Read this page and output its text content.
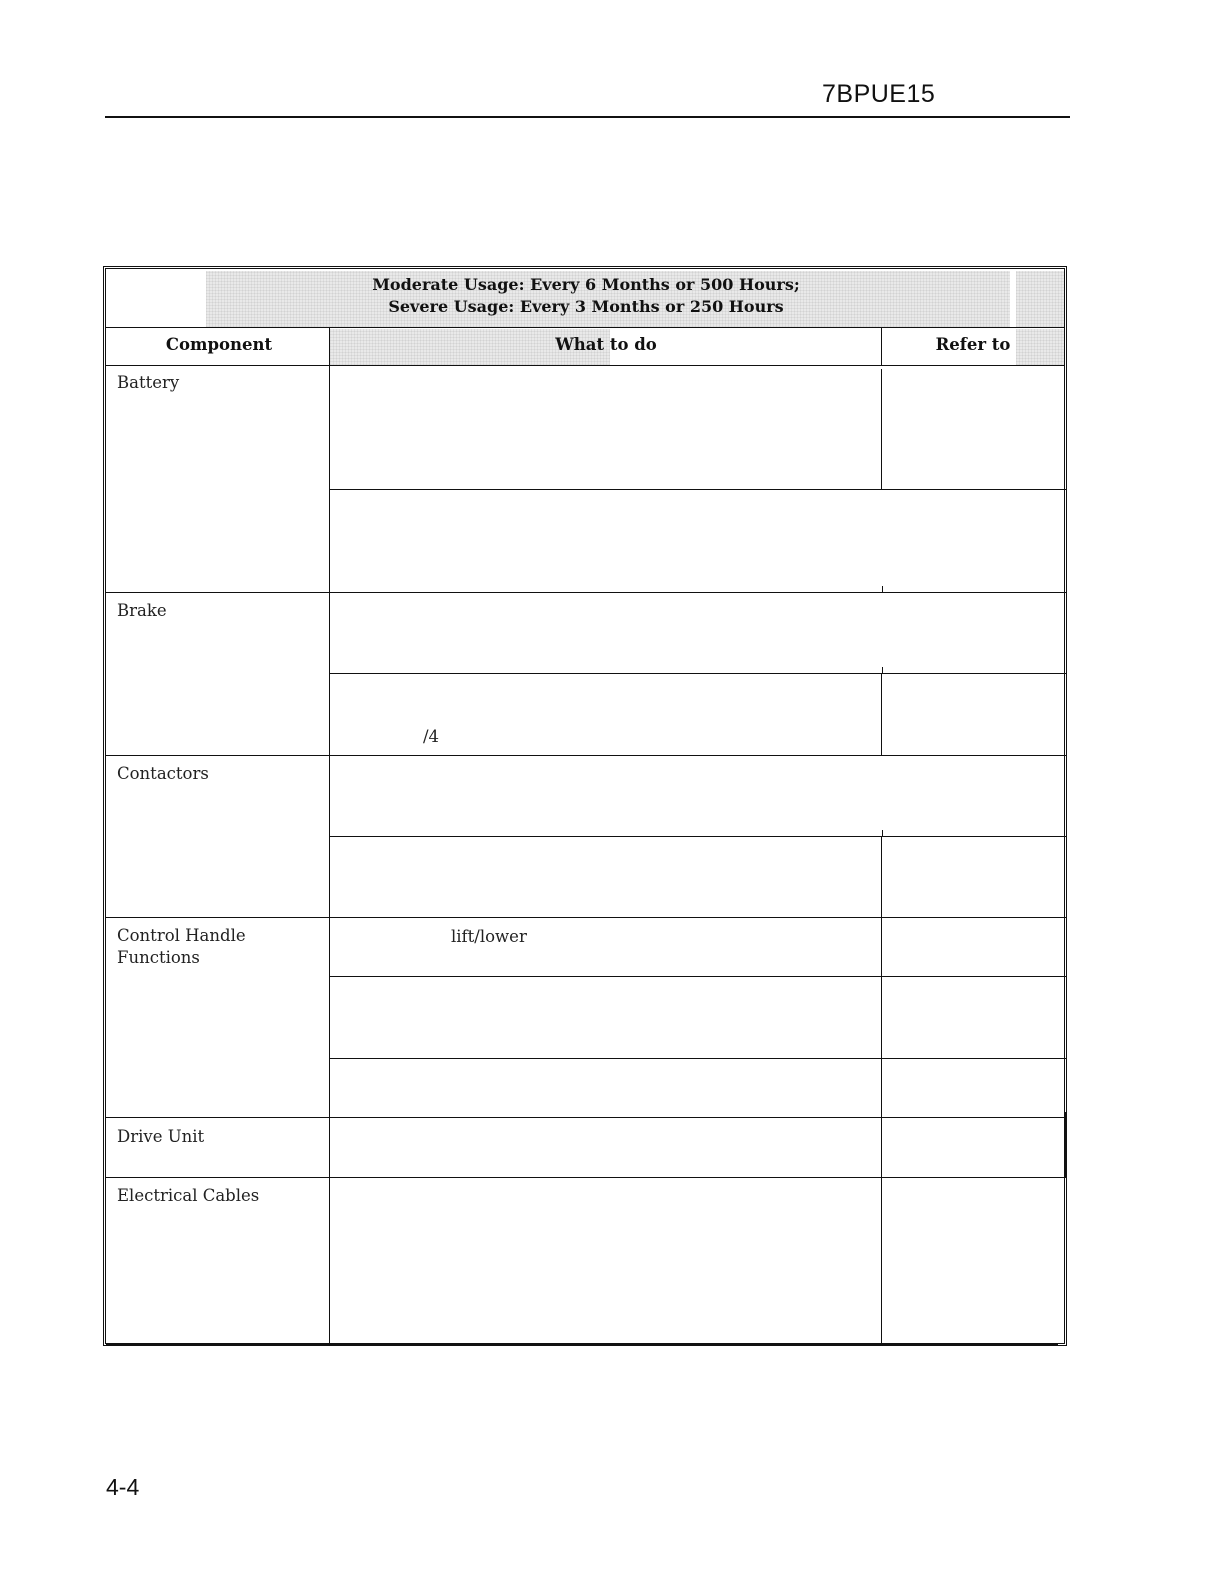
7BPUE15
Moderate Usage: Every 6 Months or 500 Hours;
Severe Usage: Every 3 Months or 250 Hours
Component	What to do	Refer to
Battery
Brake
Contactors
Control Handle
Functions
Drive Unit
Electrical Cables
/4
lift/lower
4-4
